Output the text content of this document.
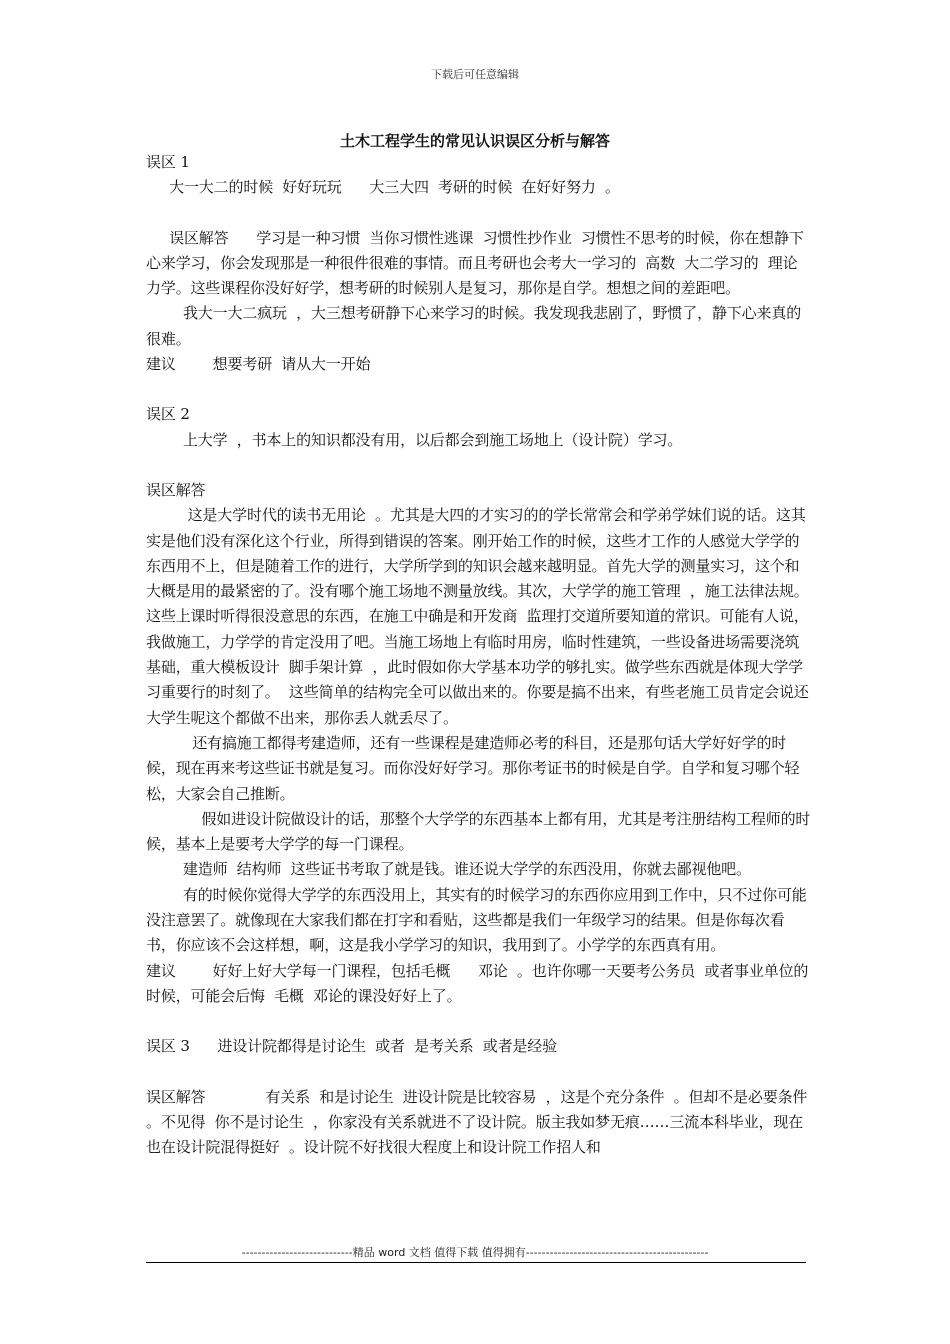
下载后可任意编辑
土木工程学生的常见认识误区分析与解答

误区 1

大一大二的时候  好好玩玩      大三大四  考研的时候  在好好努力  。

误区解答      学习是一种习惯  当你习惯性逃课  习惯性抄作业  习惯性不思考的时候，你在想静下心来学习，你会发现那是一种很件很难的事情。而且考研也会考大一学习的  高数  大二学习的  理论力学。这些课程你没好好学，想考研的时候别人是复习，那你是自学。想想之间的差距吧。

我大一大二疯玩  ，大三想考研静下心来学习的时候。我发现我悲剧了，野惯了，静下心来真的很难。

建议        想要考研  请从大一开始

误区 2

上大学  ，书本上的知识都没有用，以后都会到施工场地上（设计院）学习。

误区解答

这是大学时代的读书无用论  。尤其是大四的才实习的的学长常常会和学弟学妹们说的话。这其实是他们没有深化这个行业，所得到错误的答案。刚开始工作的时候，这些才工作的人感觉大学学的东西用不上，但是随着工作的进行，大学所学到的知识会越来越明显。首先大学的测量实习，这个和大概是用的最紧密的了。没有哪个施工场地不测量放线。其次，大学学的施工管理  ，施工法律法规。这些上课时听得很没意思的东西，在施工中确是和开发商  监理打交道所要知道的常识。可能有人说，我做施工，力学学的肯定没用了吧。当施工场地上有临时用房，临时性建筑，一些设备进场需要浇筑基础，重大模板设计  脚手架计算  ，此时假如你大学基本功学的够扎实。做学些东西就是体现大学学习重要行的时刻了。  这些简单的结构完全可以做出来的。你要是搞不出来，有些老施工员肯定会说还大学生呢这个都做不出来，那你丢人就丢尽了。

还有搞施工都得考建造师，还有一些课程是建造师必考的科目，还是那句话大学好好学的时候，现在再来考这些证书就是复习。而你没好好学习。那你考证书的时候是自学。自学和复习哪个轻松，大家会自己推断。

假如进设计院做设计的话，那整个大学学的东西基本上都有用，尤其是考注册结构工程师的时候，基本上是要考大学学的每一门课程。

建造师  结构师  这些证书考取了就是钱。谁还说大学学的东西没用，你就去鄙视他吧。

有的时候你觉得大学学的东西没用上，其实有的时候学习的东西你应用到工作中，只不过你可能没注意罢了。就像现在大家我们都在打字和看贴，这些都是我们一年级学习的结果。但是你每次看书，你应该不会这样想，啊，这是我小学学习的知识，我用到了。小学学的东西真有用。

建议        好好上好大学每一门课程，包括毛概      邓论  。也许你哪一天要考公务员  或者事业单位的时候，可能会后悔  毛概  邓论的课没好好上了。

误区 3      进设计院都得是讨论生  或者  是考关系  或者是经验

误区解答             有关系  和是讨论生  进设计院是比较容易  ，这是个充分条件  。但却不是必要条件  。不见得  你不是讨论生  ，你家没有关系就进不了设计院。版主我如梦无痕……三流本科毕业，现在也在设计院混得挺好  。设计院不好找很大程度上和设计院工作招人和

----------------------------精品 word 文档 值得下载 值得拥有----------------------------------------------
